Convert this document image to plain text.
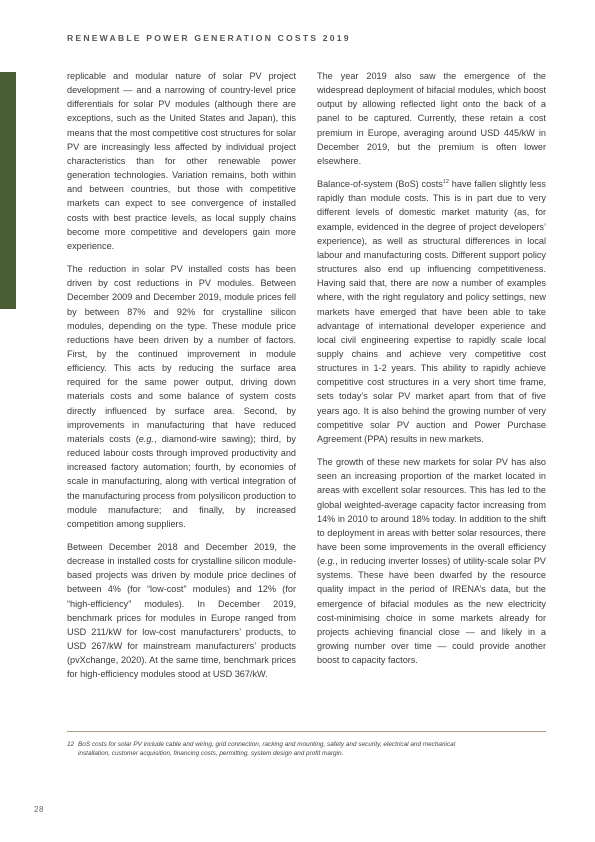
RENEWABLE POWER GENERATION COSTS 2019

replicable and modular nature of solar PV project development — and a narrowing of country-level price differentials for solar PV modules (although there are exceptions, such as the United States and Japan), this means that the most competitive cost structures for solar PV are increasingly less affected by individual project characteristics than for other renewable power generation technologies. Variation remains, both within and between countries, but those with competitive markets can expect to see convergence of installed costs with best practice levels, as local supply chains become more competitive and developers gain more experience.

The reduction in solar PV installed costs has been driven by cost reductions in PV modules. Between December 2009 and December 2019, module prices fell by between 87% and 92% for crystalline silicon modules, depending on the type. These module price reductions have been driven by a number of factors. First, by the continued improvement in module efficiency. This acts by reducing the surface area required for the same power output, driving down materials costs and some balance of system costs directly influenced by surface area. Second, by improvements in manufacturing that have reduced materials costs (e.g., diamond-wire sawing); third, by reduced labour costs through improved productivity and increased factory automation; fourth, by economies of scale in manufacturing, along with vertical integration of the manufacturing process from polysilicon production to module manufacture; and finally, by increased competition among suppliers.

Between December 2018 and December 2019, the decrease in installed costs for crystalline silicon module-based projects was driven by module price declines of between 4% (for “low-cost” modules) and 12% (for “high-efficiency” modules). In December 2019, benchmark prices for modules in Europe ranged from USD 211/kW for low-cost manufacturers’ products, to USD 267/kW for mainstream manufacturers’ products (pvXchange, 2020). At the same time, benchmark prices for high-efficiency modules stood at USD 367/kW.

The year 2019 also saw the emergence of the widespread deployment of bifacial modules, which boost output by allowing reflected light onto the back of a panel to be captured. Currently, these retain a cost premium in Europe, averaging around USD 445/kW in December 2019, but the premium is often lower elsewhere.

Balance-of-system (BoS) costs$^{12}$ have fallen slightly less rapidly than module costs. This is in part due to very different levels of domestic market maturity (as, for example, evidenced in the degree of project developers’ experience), as well as structural differences in local labour and manufacturing costs. Different support policy structures also end up influencing competitiveness. Having said that, there are now a number of examples where, with the right regulatory and policy settings, new markets have emerged that have been able to take advantage of international developer experience and local civil engineering expertise to rapidly scale local supply chains and achieve very competitive cost structures in 1-2 years. This ability to rapidly achieve competitive cost structures in a very short time frame, sets today’s solar PV market apart from that of five years ago. It is also behind the growing number of very competitive solar PV auction and Power Purchase Agreement (PPA) results in new markets.

The growth of these new markets for solar PV has also seen an increasing proportion of the market located in areas with excellent solar resources. This has led to the global weighted-average capacity factor increasing from 14% in 2010 to around 18% today. In addition to the shift to deployment in areas with better solar resources, there have been some improvements in the overall efficiency (e.g., in reducing inverter losses) of utility-scale solar PV systems. These have been dwarfed by the resource quality impact in the period of IRENA’s data, but the emergence of bifacial modules as the new electricity cost-minimising choice in some markets already for projects achieving financial close — and likely in a growing number over time — could provide another boost to capacity factors.

12 BoS costs for solar PV include cable and wiring, grid connection, racking and mounting, safety and security, electrical and mechanical
installation, customer acquisition, financing costs, permitting, system design and profit margin.
28
